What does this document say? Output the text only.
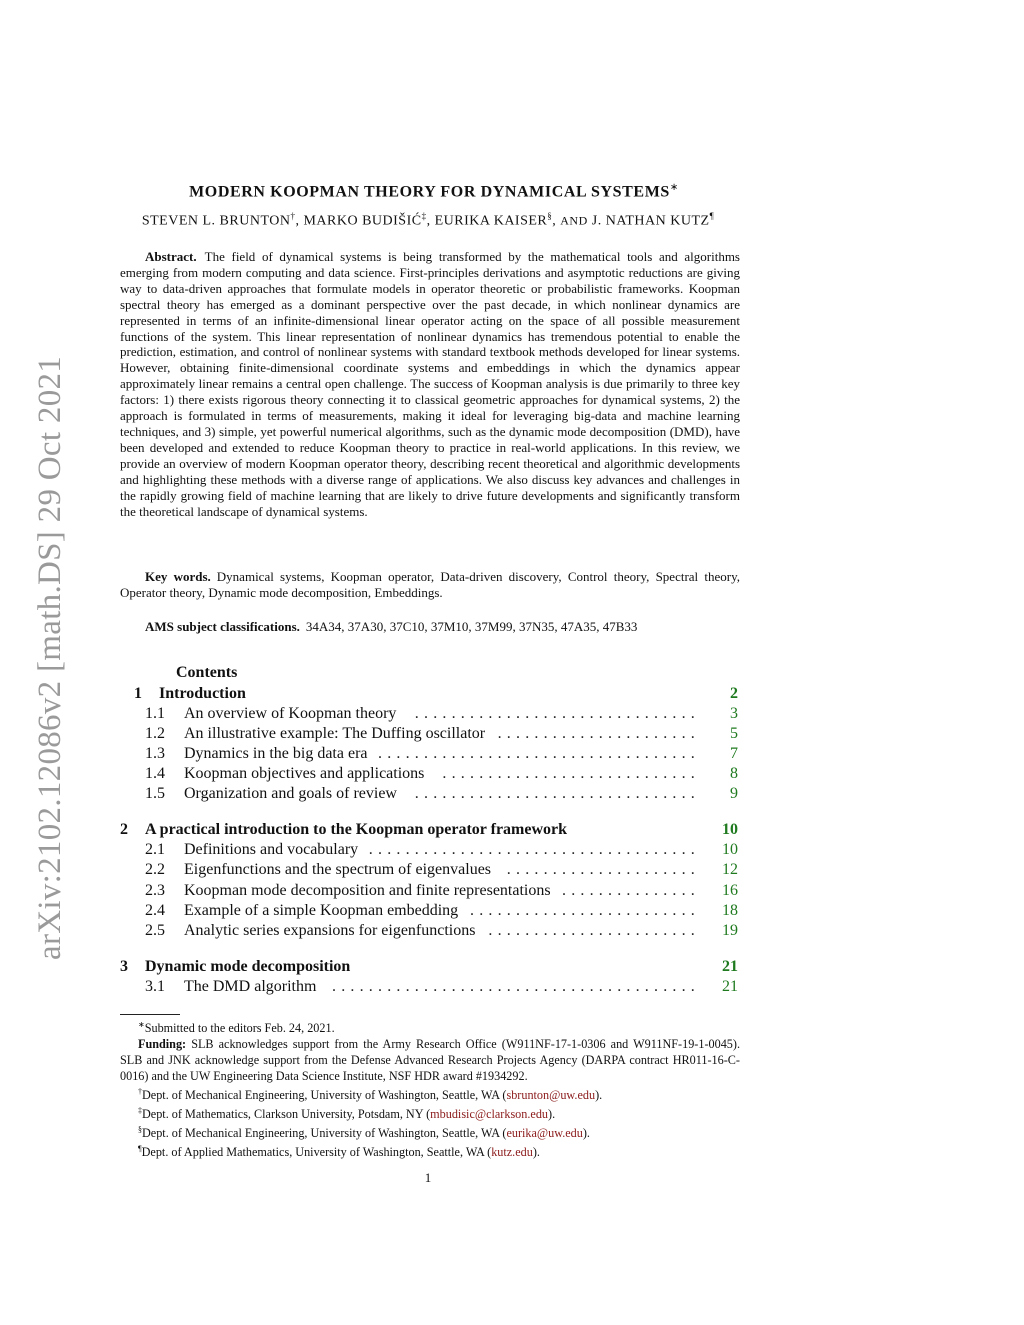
arXiv:2102.12086v2 [math.DS] 29 Oct 2021
MODERN KOOPMAN THEORY FOR DYNAMICAL SYSTEMS∗
STEVEN L. BRUNTON†, MARKO BUDIŠIĆ‡, EURIKA KAISER§, AND J. NATHAN KUTZ¶
Abstract. The field of dynamical systems is being transformed by the mathematical tools and algorithms emerging from modern computing and data science. First-principles derivations and asymptotic reductions are giving way to data-driven approaches that formulate models in operator theoretic or probabilistic frameworks. Koopman spectral theory has emerged as a dominant perspective over the past decade, in which nonlinear dynamics are represented in terms of an infinite-dimensional linear operator acting on the space of all possible measurement functions of the system. This linear representation of nonlinear dynamics has tremendous potential to enable the prediction, estimation, and control of nonlinear systems with standard textbook methods developed for linear systems. However, obtaining finite-dimensional coordinate systems and embeddings in which the dynamics appear approximately linear remains a central open challenge. The success of Koopman analysis is due primarily to three key factors: 1) there exists rigorous theory connecting it to classical geometric approaches for dynamical systems, 2) the approach is formulated in terms of measurements, making it ideal for leveraging big-data and machine learning techniques, and 3) simple, yet powerful numerical algorithms, such as the dynamic mode decomposition (DMD), have been developed and extended to reduce Koopman theory to practice in real-world applications. In this review, we provide an overview of modern Koopman operator theory, describing recent theoretical and algorithmic developments and highlighting these methods with a diverse range of applications. We also discuss key advances and challenges in the rapidly growing field of machine learning that are likely to drive future developments and significantly transform the theoretical landscape of dynamical systems.
Key words. Dynamical systems, Koopman operator, Data-driven discovery, Control theory, Spectral theory, Operator theory, Dynamic mode decomposition, Embeddings.
AMS subject classifications. 34A34, 37A30, 37C10, 37M10, 37M99, 37N35, 47A35, 47B33
Contents
1 Introduction	2
1.1 An overview of Koopman theory	............................... 3
1.2 An illustrative example: The Duffing oscillator ...................... 5
1.3 Dynamics in the big data era ................................... 7
1.4 Koopman objectives and applications	............................ 8
1.5 Organization and goals of review	............................... 9
2 A practical introduction to the Koopman operator framework	10
2.1 Definitions and vocabulary .................................... 10
2.2 Eigenfunctions and the spectrum of eigenvalues ..................... 12
2.3 Koopman mode decomposition and finite representations ............... 16
2.4 Example of a simple Koopman embedding ......................... 18
2.5 Analytic series expansions for eigenfunctions ....................... 19
3 Dynamic mode decomposition	21
3.1 The DMD algorithm ........................................ 21

∗Submitted to the editors Feb. 24, 2021.

Funding: SLB acknowledges support from the Army Research Office (W911NF-17-1-0306 and W911NF-19-1-0045). SLB and JNK acknowledge support from the Defense Advanced Research Projects Agency (DARPA contract HR011-16-C-0016) and the UW Engineering Data Science Institute, NSF HDR award #1934292.

†Dept. of Mechanical Engineering, University of Washington, Seattle, WA (sbrunton@uw.edu).

‡Dept. of Mathematics, Clarkson University, Potsdam, NY (mbudisic@clarkson.edu).

§Dept. of Mechanical Engineering, University of Washington, Seattle, WA (eurika@uw.edu).

¶Dept. of Applied Mathematics, University of Washington, Seattle, WA (kutz.edu).

1
